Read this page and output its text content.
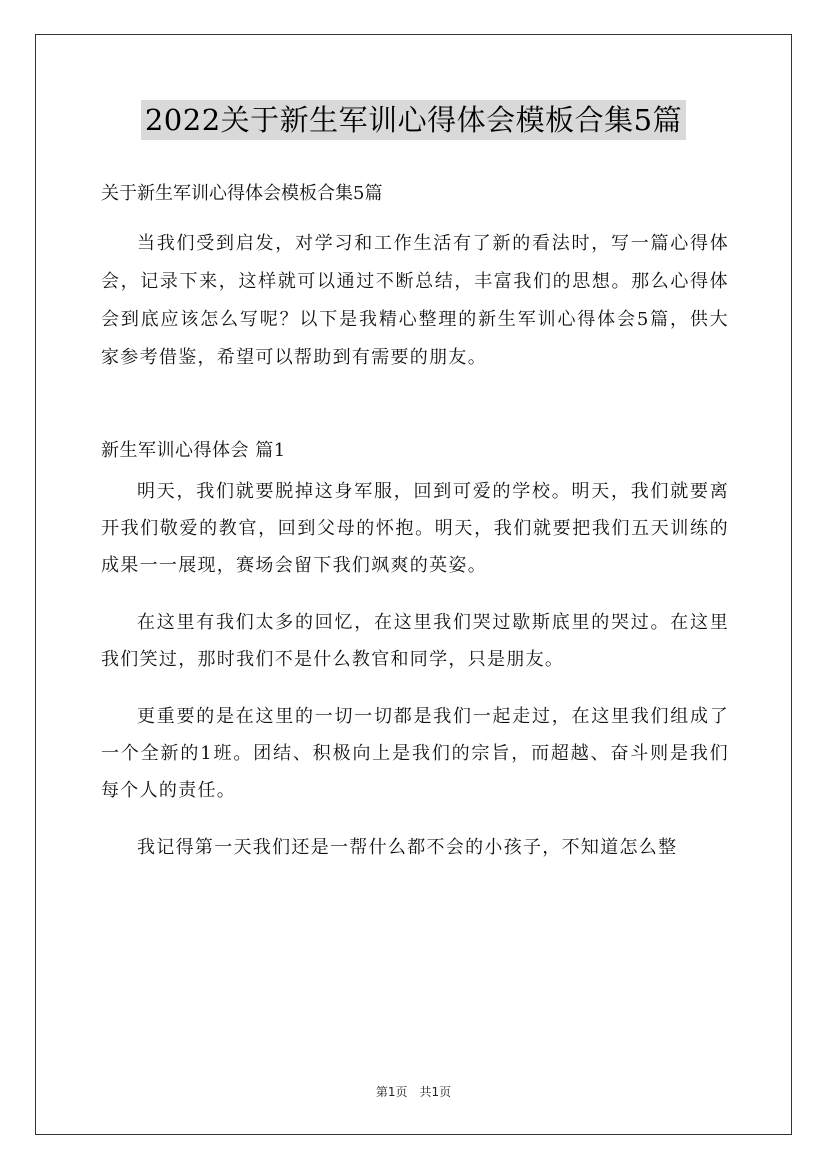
2022关于新生军训心得体会模板合集5篇

关于新生军训心得体会模板合集5篇

当我们受到启发，对学习和工作生活有了新的看法时，写一篇心得体会，记录下来，这样就可以通过不断总结，丰富我们的思想。那么心得体会到底应该怎么写呢？以下是我精心整理的新生军训心得体会5篇，供大家参考借鉴，希望可以帮助到有需要的朋友。

新生军训心得体会 篇1

明天，我们就要脱掉这身军服，回到可爱的学校。明天，我们就要离开我们敬爱的教官，回到父母的怀抱。明天，我们就要把我们五天训练的成果一一展现，赛场会留下我们飒爽的英姿。

在这里有我们太多的回忆，在这里我们哭过歇斯底里的哭过。在这里我们笑过，那时我们不是什么教官和同学，只是朋友。

更重要的是在这里的一切一切都是我们一起走过，在这里我们组成了一个全新的1班。团结、积极向上是我们的宗旨，而超越、奋斗则是我们每个人的责任。

我记得第一天我们还是一帮什么都不会的小孩子，不知道怎么整

第1页　共1页
